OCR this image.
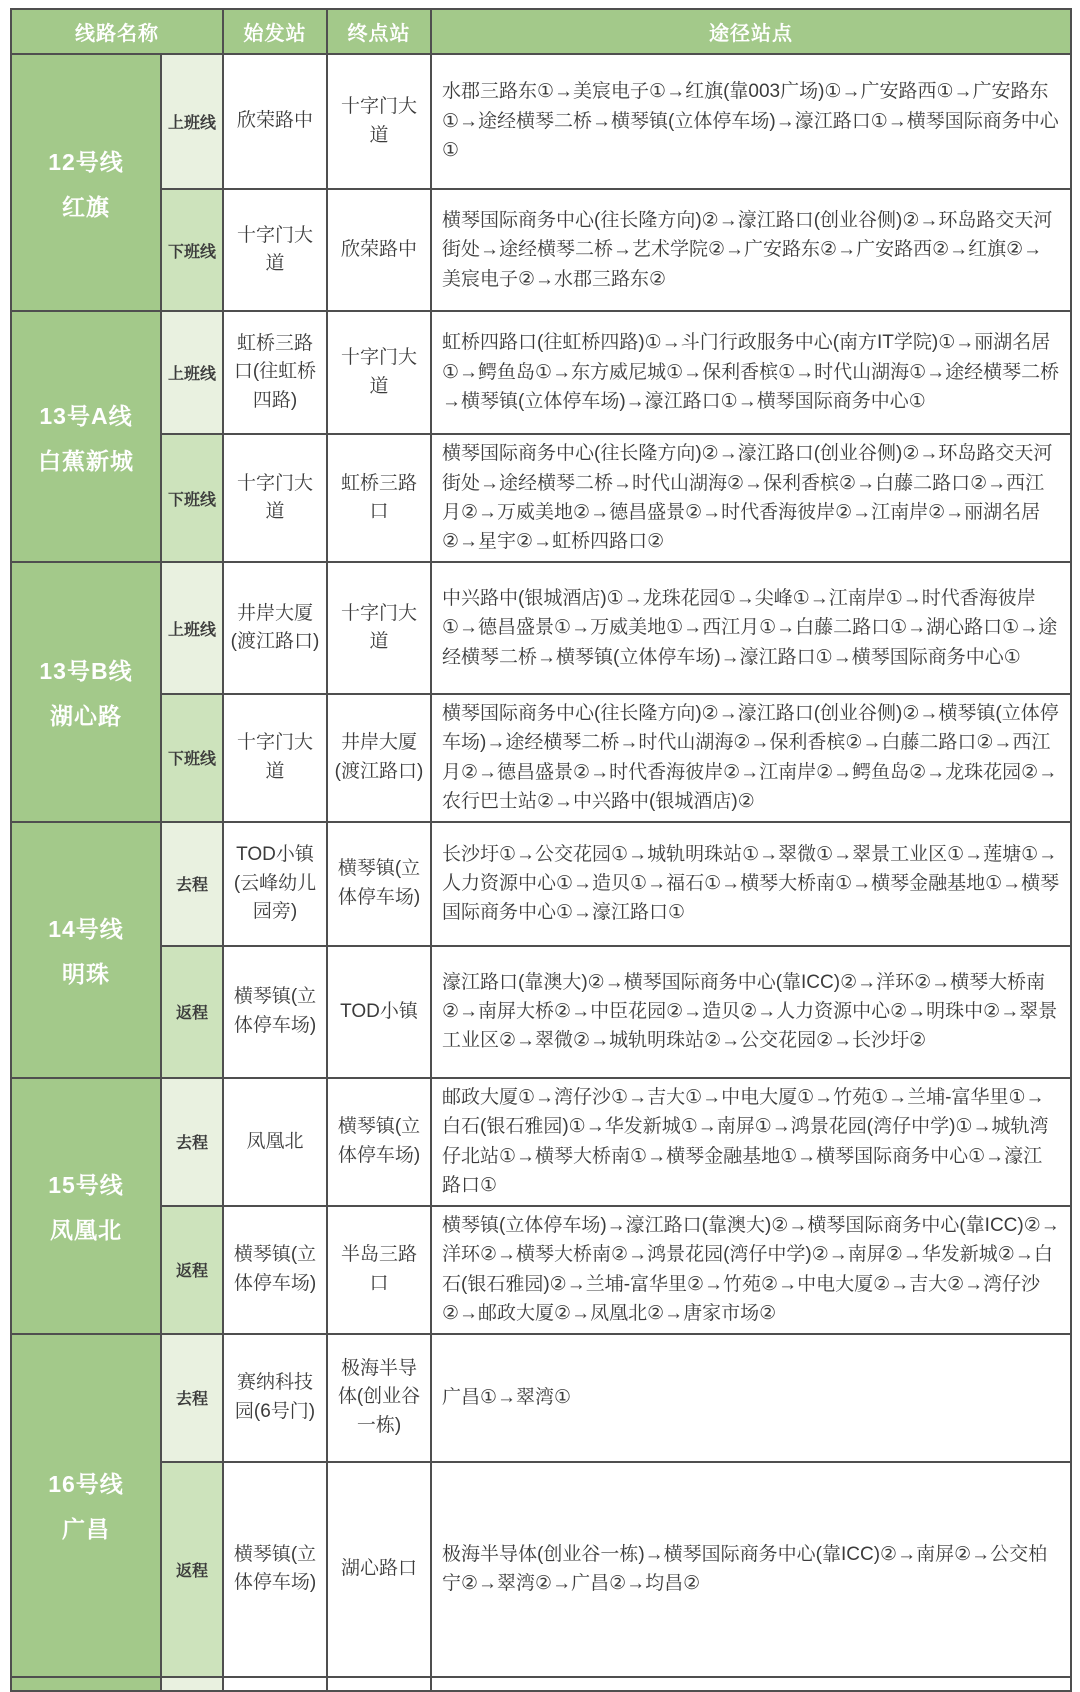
线路名称		始发站	终点站	途径站点

12号线
红旗	上班线	欣荣路中	十字门大道	水郡三路东①→美宸电子①→红旗(靠003广场)①→广安路西①→广安路东①→途经横琴二桥→横琴镇(立体停车场)→濠江路口①→横琴国际商务中心①
	下班线	十字门大道	欣荣路中	横琴国际商务中心(往长隆方向)②→濠江路口(创业谷侧)②→环岛路交天河街处→途经横琴二桥→艺术学院②→广安路东②→广安路西②→红旗②→美宸电子②→水郡三路东②

13号A线
白蕉新城	上班线	虹桥三路口(往虹桥四路)	十字门大道	虹桥四路口(往虹桥四路)①→斗门行政服务中心(南方IT学院)①→丽湖名居①→鳄鱼岛①→东方威尼城①→保利香槟①→时代山湖海①→途经横琴二桥→横琴镇(立体停车场)→濠江路口①→横琴国际商务中心①
	下班线	十字门大道	虹桥三路口	横琴国际商务中心(往长隆方向)②→濠江路口(创业谷侧)②→环岛路交天河街处→途经横琴二桥→时代山湖海②→保利香槟②→白藤二路口②→西江月②→万威美地②→德昌盛景②→时代香海彼岸②→江南岸②→丽湖名居②→星宇②→虹桥四路口②

13号B线
湖心路	上班线	井岸大厦(渡江路口)	十字门大道	中兴路中(银城酒店)①→龙珠花园①→尖峰①→江南岸①→时代香海彼岸①→德昌盛景①→万威美地①→西江月①→白藤二路口①→湖心路口①→途经横琴二桥→横琴镇(立体停车场)→濠江路口①→横琴国际商务中心①
	下班线	十字门大道	井岸大厦(渡江路口)	横琴国际商务中心(往长隆方向)②→濠江路口(创业谷侧)②→横琴镇(立体停车场)→途经横琴二桥→时代山湖海②→保利香槟②→白藤二路口②→西江月②→德昌盛景②→时代香海彼岸②→江南岸②→鳄鱼岛②→龙珠花园②→农行巴士站②→中兴路中(银城酒店)②

14号线
明珠	去程	TOD小镇(云峰幼儿园旁)	横琴镇(立体停车场)	长沙圩①→公交花园①→城轨明珠站①→翠微①→翠景工业区①→莲塘①→人力资源中心①→造贝①→福石①→横琴大桥南①→横琴金融基地①→横琴国际商务中心①→濠江路口①
	返程	横琴镇(立体停车场)	TOD小镇	濠江路口(靠澳大)②→横琴国际商务中心(靠ICC)②→洋环②→横琴大桥南②→南屏大桥②→中臣花园②→造贝②→人力资源中心②→明珠中②→翠景工业区②→翠微②→城轨明珠站②→公交花园②→长沙圩②

15号线
凤凰北	去程	凤凰北	横琴镇(立体停车场)	邮政大厦①→湾仔沙①→吉大①→中电大厦①→竹苑①→兰埔-富华里①→白石(银石雅园)①→华发新城①→南屏①→鸿景花园(湾仔中学)①→城轨湾仔北站①→横琴大桥南①→横琴金融基地①→横琴国际商务中心①→濠江路口①
	返程	横琴镇(立体停车场)	半岛三路口	横琴镇(立体停车场)→濠江路口(靠澳大)②→横琴国际商务中心(靠ICC)②→洋环②→横琴大桥南②→鸿景花园(湾仔中学)②→南屏②→华发新城②→白石(银石雅园)②→兰埔-富华里②→竹苑②→中电大厦②→吉大②→湾仔沙②→邮政大厦②→凤凰北②→唐家市场②

16号线
广昌	去程	赛纳科技园(6号门)	极海半导体(创业谷一栋)	广昌①→翠湾①
	返程	横琴镇(立体停车场)	湖心路口	极海半导体(创业谷一栋)→横琴国际商务中心(靠ICC)②→南屏②→公交柏宁②→翠湾②→广昌②→均昌②
